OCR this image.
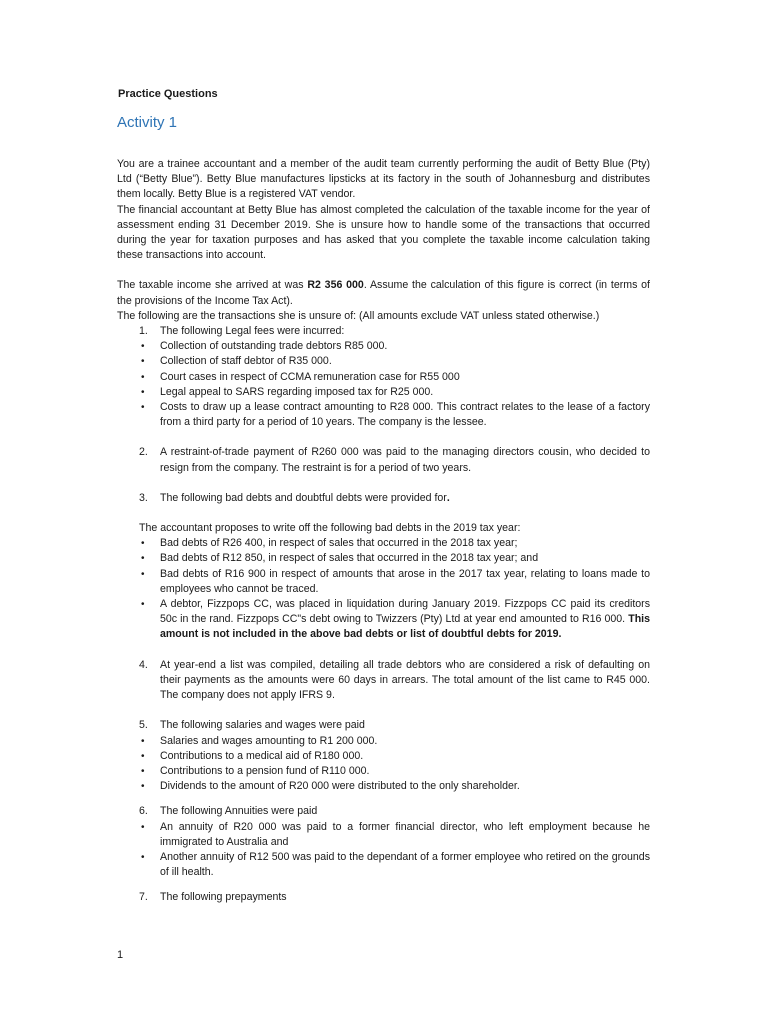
Practice Questions
Activity 1

You are a trainee accountant and a member of the audit team currently performing the audit of Betty Blue (Pty) Ltd (“Betty Blue”). Betty Blue manufactures lipsticks at its factory in the south of Johannesburg and distributes them locally. Betty Blue is a registered VAT vendor.

The financial accountant at Betty Blue has almost completed the calculation of the taxable income for the year of assessment ending 31 December 2019. She is unsure how to handle some of the transactions that occurred during the year for taxation purposes and has asked that you complete the taxable income calculation taking these transactions into account.

The taxable income she arrived at was R2 356 000. Assume the calculation of this figure is correct (in terms of the provisions of the Income Tax Act).

The following are the transactions she is unsure of: (All amounts exclude VAT unless stated otherwise.)

1. The following Legal fees were incurred:
• Collection of outstanding trade debtors R85 000.
• Collection of staff debtor of R35 000.
• Court cases in respect of CCMA remuneration case for R55 000
• Legal appeal to SARS regarding imposed tax for R25 000.
• Costs to draw up a lease contract amounting to R28 000. This contract relates to the lease of a factory from a third party for a period of 10 years. The company is the lessee.
2. A restraint-of-trade payment of R260 000 was paid to the managing directors cousin, who decided to resign from the company. The restraint is for a period of two years.
3. The following bad debts and doubtful debts were provided for.
The accountant proposes to write off the following bad debts in the 2019 tax year:
• Bad debts of R26 400, in respect of sales that occurred in the 2018 tax year;
• Bad debts of R12 850, in respect of sales that occurred in the 2018 tax year; and
• Bad debts of R16 900 in respect of amounts that arose in the 2017 tax year, relating to loans made to employees who cannot be traced.
• A debtor, Fizzpops CC, was placed in liquidation during January 2019. Fizzpops CC paid its creditors 50c in the rand. Fizzpops CC"s debt owing to Twizzers (Pty) Ltd at year end amounted to R16 000. This amount is not included in the above bad debts or list of doubtful debts for 2019.
4. At year-end a list was compiled, detailing all trade debtors who are considered a risk of defaulting on their payments as the amounts were 60 days in arrears. The total amount of the list came to R45 000. The company does not apply IFRS 9.
5. The following salaries and wages were paid
• Salaries and wages amounting to R1 200 000.
• Contributions to a medical aid of R180 000.
• Contributions to a pension fund of R110 000.
• Dividends to the amount of R20 000 were distributed to the only shareholder.
6. The following Annuities were paid
• An annuity of R20 000 was paid to a former financial director, who left employment because he immigrated to Australia and
• Another annuity of R12 500 was paid to the dependant of a former employee who retired on the grounds of ill health.
7. The following prepayments
1
